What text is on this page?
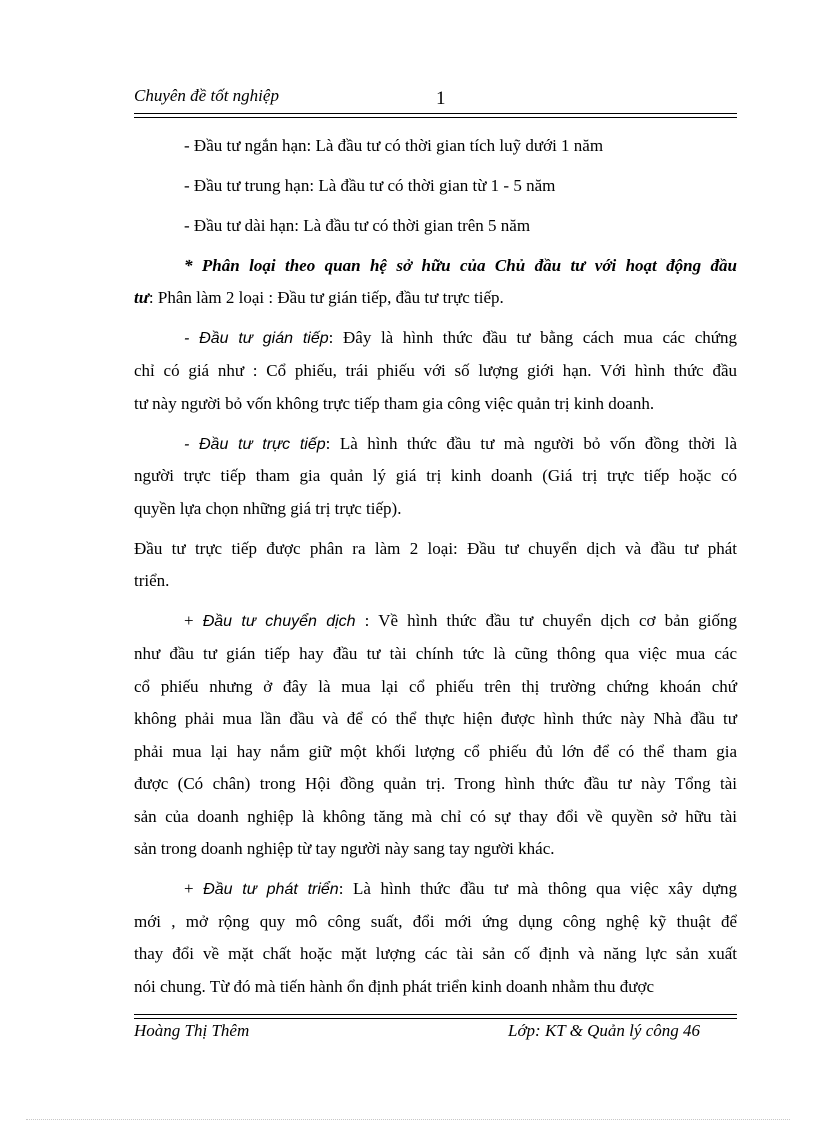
Chuyên đề tốt nghiệp	1
- Đầu tư ngắn hạn: Là đầu tư có thời gian tích luỹ dưới 1 năm
- Đầu tư trung hạn: Là đầu tư có thời gian từ 1 - 5 năm
- Đầu tư dài hạn: Là đầu tư có thời gian trên 5 năm
* Phân loại theo quan hệ sở hữu của Chủ đầu tư với hoạt động đầu
tư: Phân làm 2 loại : Đầu tư gián tiếp, đầu tư trực tiếp.
- Đầu tư gián tiếp: Đây là hình thức đầu tư bằng cách mua các chứng
chỉ có giá như : Cổ phiếu, trái phiếu với số lượng giới hạn. Với hình thức đầu
tư này người bỏ vốn không trực tiếp tham gia công việc quản trị kinh doanh.
- Đầu tư trực tiếp: Là hình thức đầu tư mà người bỏ vốn đồng thời là
người trực tiếp tham gia quản lý giá trị kinh doanh (Giá trị trực tiếp hoặc có
quyền lựa chọn những giá trị trực tiếp).
Đầu tư trực tiếp được phân ra làm 2 loại: Đầu tư chuyển dịch và đầu tư phát
triển.
+ Đầu tư chuyển dịch : Về hình thức đầu tư chuyển dịch cơ bản giống
như đầu tư gián tiếp hay đầu tư tài chính tức là cũng thông qua việc mua các
cổ phiếu nhưng ở đây là mua lại cổ phiếu trên thị trường chứng khoán chứ
không phải mua lần đầu và để có thể thực hiện được hình thức này Nhà đầu tư
phải mua lại hay nắm giữ một khối lượng cổ phiếu đủ lớn để có thể tham gia
được (Có chân) trong Hội đồng quản trị. Trong hình thức đầu tư này Tổng tài
sản của doanh nghiệp là không tăng mà chỉ có sự thay đổi về quyền sở hữu tài
sản trong doanh nghiệp từ tay người này sang tay người khác.
+ Đầu tư phát triển: Là hình thức đầu tư mà thông qua việc xây dựng
mới , mở rộng quy mô công suất, đổi mới ứng dụng công nghệ kỹ thuật để
thay đổi về mặt chất hoặc mặt lượng các tài sản cố định và năng lực sản xuất
nói chung. Từ đó mà tiến hành ổn định phát triển kinh doanh nhằm thu được
Hoàng Thị Thêm	Lớp: KT & Quản lý công 46
